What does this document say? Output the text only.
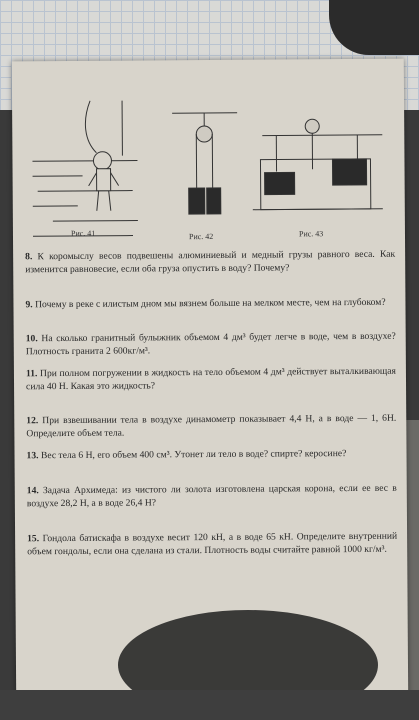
Рис. 41	Рис. 42	Рис. 43
8. К коромыслу весов подвешены алюминиевый и медный грузы равного веса. Как изменится равновесие, если оба груза опустить в воду? Почему?
9. Почему в реке с илистым дном мы вязнем больше на мелком месте, чем на глубоком?
10. На сколько гранитный булыжник объемом 4 дм³ будет легче в воде, чем в воздухе? Плотность гранита 2 600кг/м³.
11. При полном погружении в жидкость на тело объемом 4 дм³ действует выталкивающая сила 40 Н. Какая это жидкость?
12. При взвешивании тела в воздухе динамометр показывает 4,4 Н, а в воде — 1, 6Н. Определите объем тела.
13. Вес тела 6 Н, его объем 400 см³. Утонет ли тело в воде? спирте? керосине?
14. Задача Архимеда: из чистого ли золота изготовлена царская корона, если ее вес в воздухе 28,2 Н, а в воде 26,4 Н?
15. Гондола батискафа в воздухе весит 120 кН, а в воде 65 кН. Определите внутренний объем гондолы, если она сделана из стали. Плотность воды считайте равной 1000 кг/м³.
